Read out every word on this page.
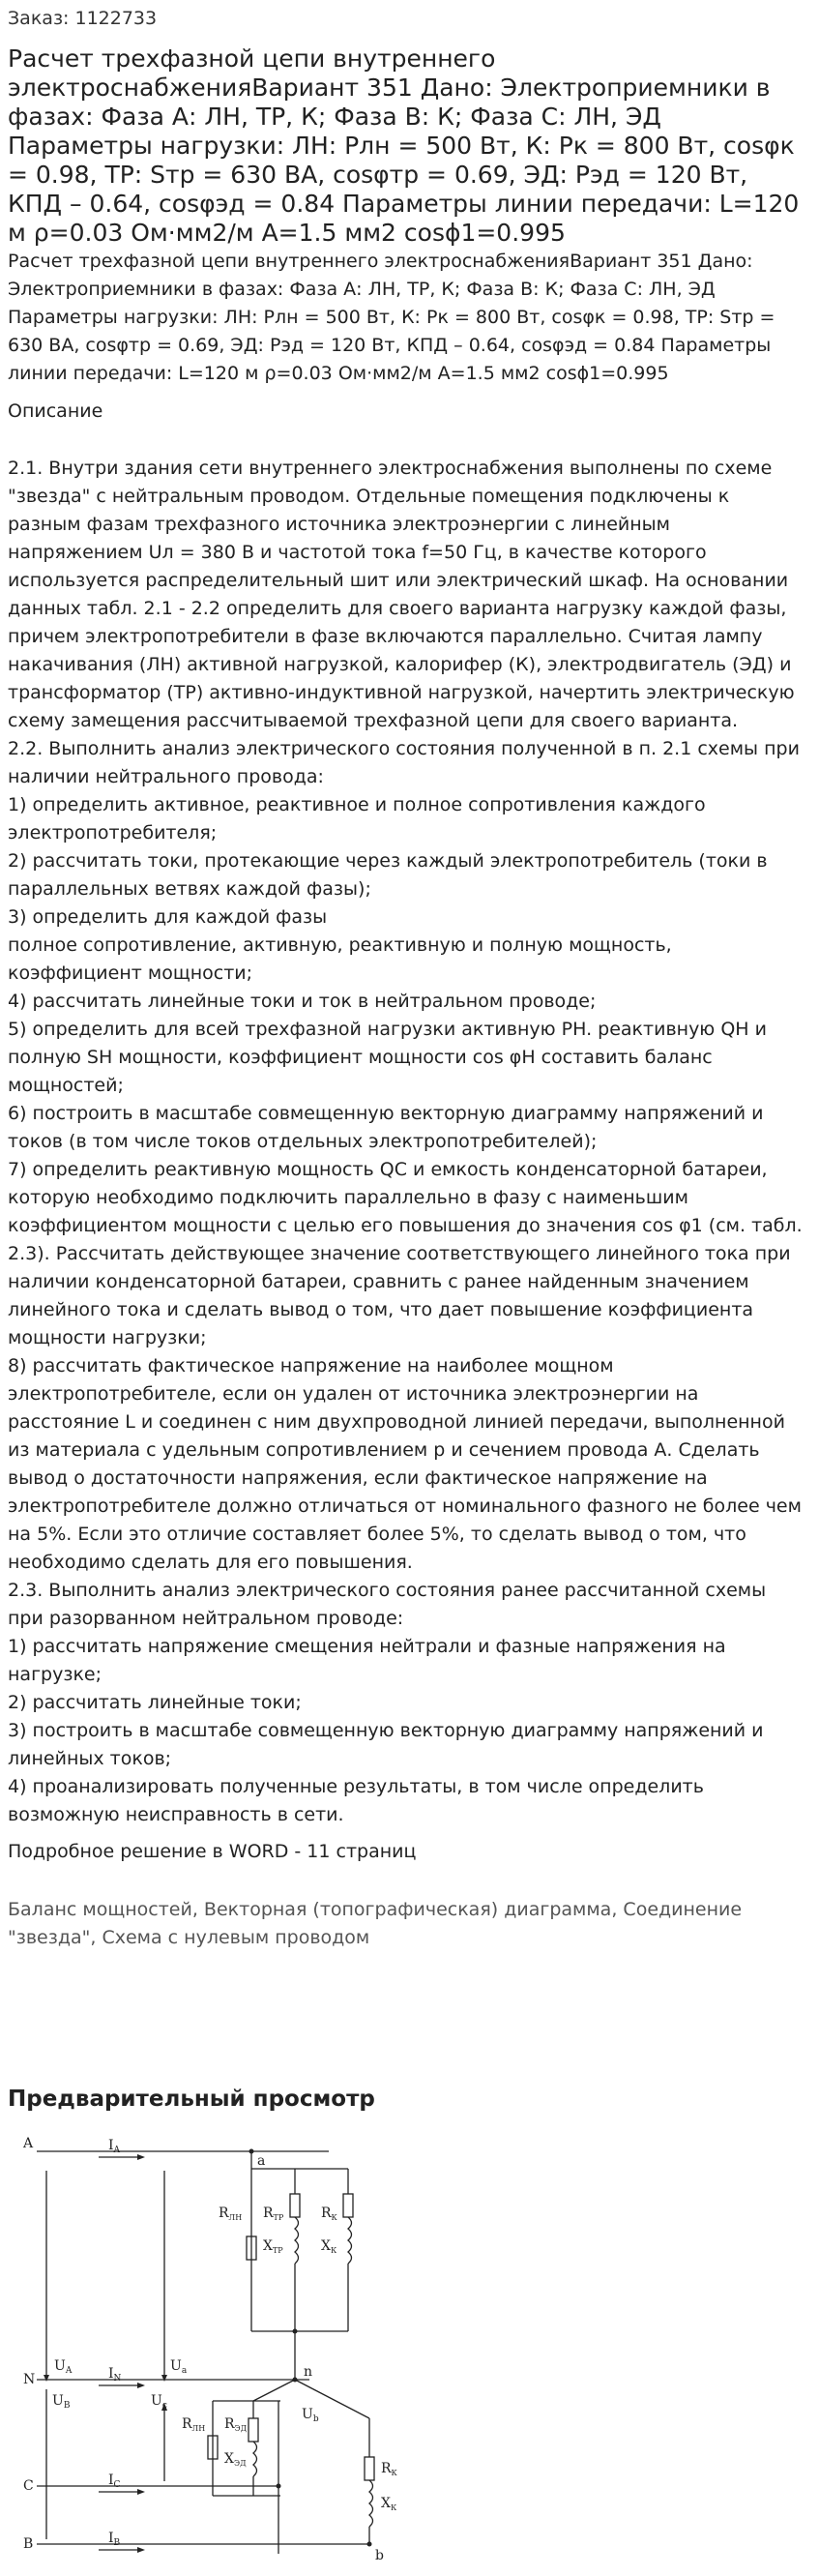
Заказ: 1122733
Расчет трехфазной цепи внутреннего электроснабженияВариант 351 Дано: Электроприемники в фазах: Фаза А: ЛН, ТР, К; Фаза В: К; Фаза С: ЛН, ЭД Параметры нагрузки: ЛН: Pлн = 500 Вт, К: Pк = 800 Вт, cosφк = 0.98, ТР: Sтр = 630 ВА, cosφтр = 0.69, ЭД: Pэд = 120 Вт, КПД – 0.64, cosφэд = 0.84 Параметры линии передачи: L=120 м ρ=0.03 Ом·мм2/м A=1.5 мм2 cosϕ1=0.995
Расчет трехфазной цепи внутреннего электроснабженияВариант 351 Дано: Электроприемники в фазах: Фаза А: ЛН, ТР, К; Фаза В: К; Фаза С: ЛН, ЭД Параметры нагрузки: ЛН: Pлн = 500 Вт, К: Pк = 800 Вт, cosφк = 0.98, ТР: Sтр = 630 ВА, cosφтр = 0.69, ЭД: Pэд = 120 Вт, КПД – 0.64, cosφэд = 0.84 Параметры линии передачи: L=120 м ρ=0.03 Ом·мм2/м A=1.5 мм2 cosϕ1=0.995
Описание

2.1. Внутри здания сети внутреннего электроснабжения выполнены по схеме "звезда" с нейтральным проводом. Отдельные помещения подключены к разным фазам трехфазного источника электроэнергии с линейным напряжением Uл = 380 В и частотой тока f=50 Гц, в качестве которого используется распределительный шит или электрический шкаф. На основании данных табл. 2.1 - 2.2 определить для своего варианта нагрузку каждой фазы, причем электропотребители в фазе включаются параллельно. Считая лампу накачивания (ЛН) активной нагрузкой, калорифер (К), электродвигатель (ЭД) и трансформатор (ТР) активно-индуктивной нагрузкой, начертить электрическую схему замещения рассчитываемой трехфазной цепи для своего варианта.

2.2. Выполнить анализ электрического состояния полученной в п. 2.1 схемы при наличии нейтрального провода:

1) определить активное, реактивное и полное сопротивления каждого электропотребителя;

2) рассчитать токи, протекающие через каждый электропотребитель (токи в параллельных ветвях каждой фазы);

3) определить для каждой фазы

полное сопротивление, активную, реактивную и полную мощность, коэффициент мощности;

4) рассчитать линейные токи и ток в нейтральном проводе;

5) определить для всей трехфазной нагрузки активную PH. реактивную QH и полную SH мощности, коэффициент мощности cos φH составить баланс мощностей;

6) построить в масштабе совмещенную векторную диаграмму напряжений и токов (в том числе токов отдельных электропотребителей);

7) определить реактивную мощность QC и емкость конденсаторной батареи, которую необходимо подключить параллельно в фазу с наименьшим коэффициентом мощности с целью его повышения до значения cos φ1 (см. табл. 2.3). Рассчитать действующее значение соответствующего линейного тока при наличии конденсаторной батареи, сравнить с ранее найденным значением линейного тока и сделать вывод о том, что дает повышение коэффициента мощности нагрузки;

8) рассчитать фактическое напряжение на наиболее мощном электропотребителе, если он удален от источника электроэнергии на расстояние L и соединен с ним двухпроводной линией передачи, выполненной из материала с удельным сопротивлением р и сечением провода А. Сделать вывод о достаточности напряжения, если фактическое напряжение на электропотребителе должно отличаться от номинального фазного не более чем на 5%. Если это отличие составляет более 5%, то сделать вывод о том, что необходимо сделать для его повышения.

2.3. Выполнить анализ электрического состояния ранее рассчитанной схемы при разорванном нейтральном проводе:

1) рассчитать напряжение смещения нейтрали и фазные напряжения на нагрузке;

2) рассчитать линейные токи;

3) построить в масштабе совмещенную векторную диаграмму напряжений и линейных токов;

4) проанализировать полученные результаты, в том числе определить возможную неисправность в сети.

Подробное решение в WORD - 11 страниц
Баланс мощностей, Векторная (топографическая) диаграмма, Соединение "звезда", Схема с нулевым проводом
Предварительный просмотр
A
N
C
B
a
n
b
$I_A$
$I_N$
$I_C$
$I_B$
$U_A$	$U_a$
$U_B$	$U_c$
$U_b$
$R_{ЛН}$ $R_{ТР}$	$R_К$
$X_{ТР}$	$X_К$
$R_{ЛН}$ $R_{ЭД}$
$X_{ЭД}$	$R_К$
$X_К$
